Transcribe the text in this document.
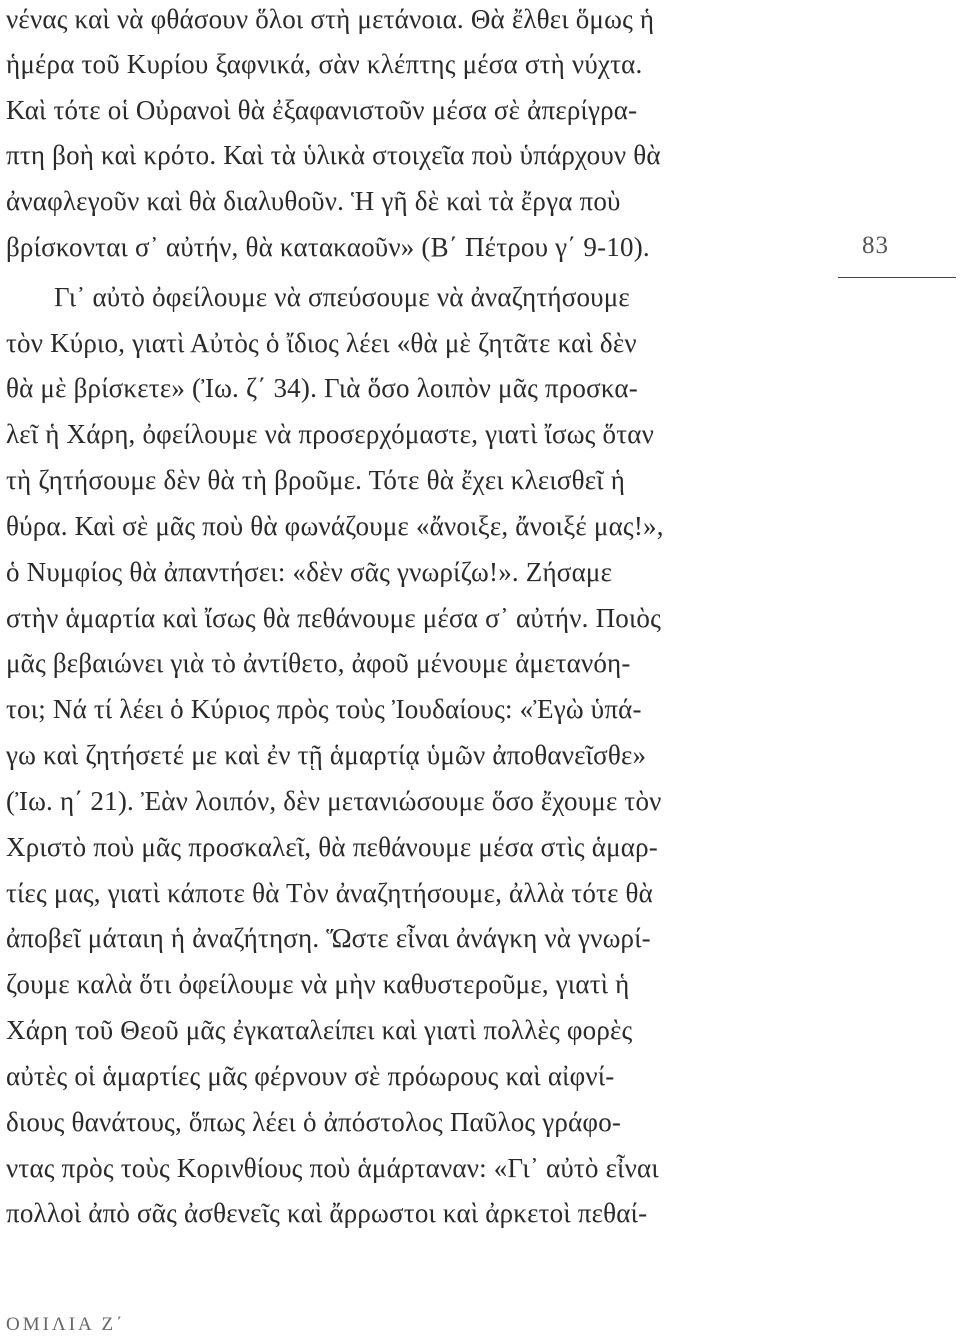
νένας καὶ νὰ φθάσουν ὅλοι στὴ μετάνοια. Θὰ ἔλθει ὅμως ἡ
ἡμέρα τοῦ Κυρίου ξαφνικά, σὰν κλέπτης μέσα στὴ νύχτα.
Καὶ τότε οἱ Οὐρανοὶ θὰ ἐξαφανιστοῦν μέσα σὲ ἀπερίγρα-
πτη βοὴ καὶ κρότο. Καὶ τὰ ὑλικὰ στοιχεῖα ποὺ ὑπάρχουν θὰ
ἀναφλεγοῦν καὶ θὰ διαλυθοῦν. Ἡ γῆ δὲ καὶ τὰ ἔργα ποὺ
βρίσκονται σ᾽ αὐτήν, θὰ κατακαοῦν» (Β΄ Πέτρου γ΄ 9-10).
Γι᾽ αὐτὸ ὀφείλουμε νὰ σπεύσουμε νὰ ἀναζητήσουμε
τὸν Κύριο, γιατὶ Αὐτὸς ὁ ἴδιος λέει «θὰ μὲ ζητᾶτε καὶ δὲν
θὰ μὲ βρίσκετε» (Ἰω. ζ΄ 34). Γιὰ ὅσο λοιπὸν μᾶς προσκα-
λεῖ ἡ Χάρη, ὀφείλουμε νὰ προσερχόμαστε, γιατὶ ἴσως ὅταν
τὴ ζητήσουμε δὲν θὰ τὴ βροῦμε. Τότε θὰ ἔχει κλεισθεῖ ἡ
θύρα. Καὶ σὲ μᾶς ποὺ θὰ φωνάζουμε «ἄνοιξε, ἄνοιξέ μας!»,
ὁ Νυμφίος θὰ ἀπαντήσει: «δὲν σᾶς γνωρίζω!». Ζήσαμε
στὴν ἁμαρτία καὶ ἴσως θὰ πεθάνουμε μέσα σ᾽ αὐτήν. Ποιὸς
μᾶς βεβαιώνει γιὰ τὸ ἀντίθετο, ἀφοῦ μένουμε ἀμετανόη-
τοι; Νά τί λέει ὁ Κύριος πρὸς τοὺς Ἰουδαίους: «Ἐγὼ ὑπά-
γω καὶ ζητήσετέ με καὶ ἐν τῇ ἁμαρτίᾳ ὑμῶν ἀποθανεῖσθε»
(Ἰω. η΄ 21). Ἐὰν λοιπόν, δὲν μετανιώσουμε ὅσο ἔχουμε τὸν
Χριστὸ ποὺ μᾶς προσκαλεῖ, θὰ πεθάνουμε μέσα στὶς ἁμαρ-
τίες μας, γιατὶ κάποτε θὰ Τὸν ἀναζητήσουμε, ἀλλὰ τότε θὰ
ἀποβεῖ μάταιη ἡ ἀναζήτηση. Ὥστε εἶναι ἀνάγκη νὰ γνωρί-
ζουμε καλὰ ὅτι ὀφείλουμε νὰ μὴν καθυστεροῦμε, γιατὶ ἡ
Χάρη τοῦ Θεοῦ μᾶς ἐγκαταλείπει καὶ γιατὶ πολλὲς φορὲς
αὐτὲς οἱ ἁμαρτίες μᾶς φέρνουν σὲ πρόωρους καὶ αἰφνί-
διους θανάτους, ὅπως λέει ὁ ἀπόστολος Παῦλος γράφο-
ντας πρὸς τοὺς Κορινθίους ποὺ ἁμάρταναν: «Γι᾽ αὐτὸ εἶναι
πολλοὶ ἀπὸ σᾶς ἀσθενεῖς καὶ ἄρρωστοι καὶ ἀρκετοὶ πεθαί-
83
ΟΜΙΛΙΑ Ζ΄
